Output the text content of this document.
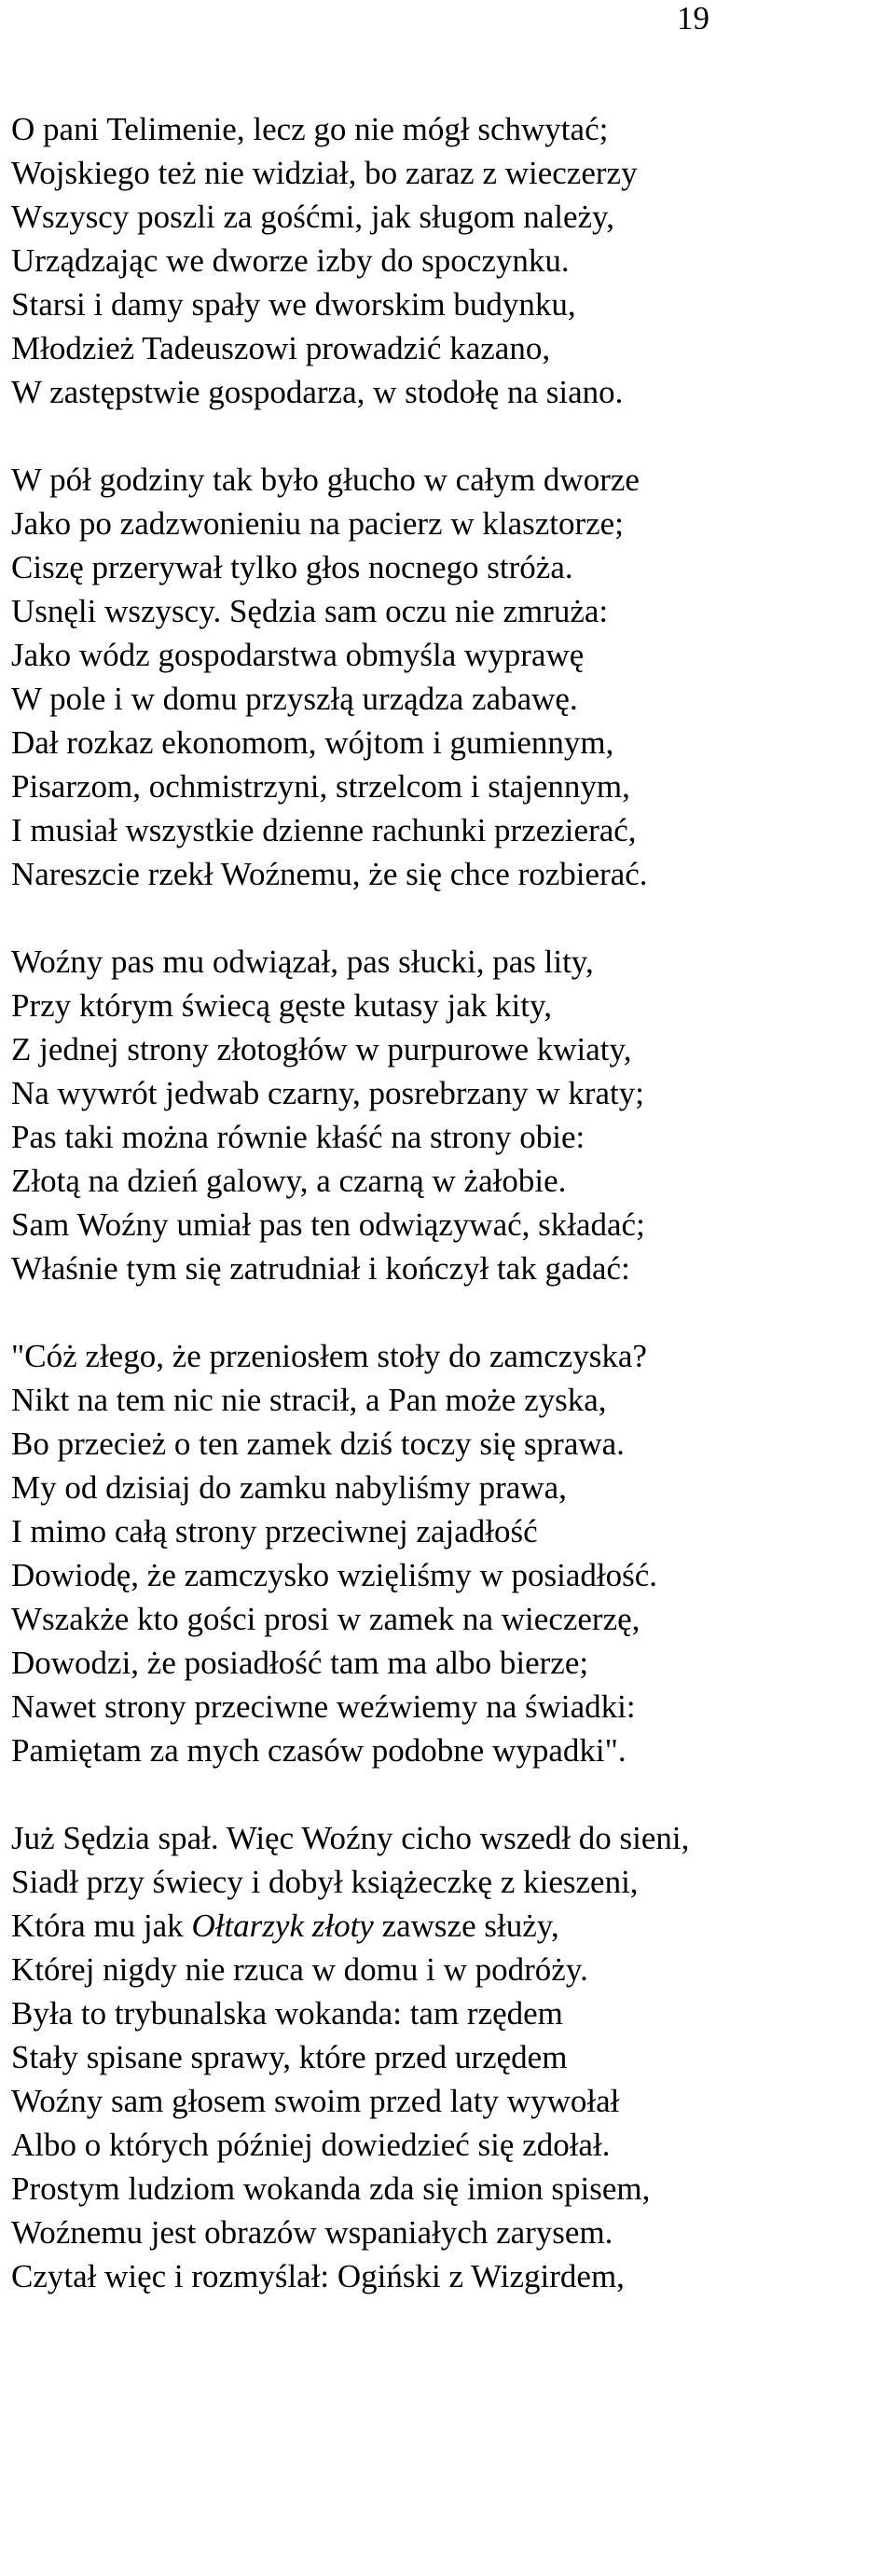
19
O pani Telimenie, lecz go nie mógł schwytać;
Wojskiego też nie widział, bo zaraz z wieczerzy
Wszyscy poszli za gośćmi, jak sługom należy,
Urządzając we dworze izby do spoczynku.
Starsi i damy spały we dworskim budynku,
Młodzież Tadeuszowi prowadzić kazano,
W zastępstwie gospodarza, w stodołę na siano.
W pół godziny tak było głucho w całym dworze
Jako po zadzwonieniu na pacierz w klasztorze;
Ciszę przerywał tylko głos nocnego stróża.
Usnęli wszyscy. Sędzia sam oczu nie zmruża:
Jako wódz gospodarstwa obmyśla wyprawę
W pole i w domu przyszłą urządza zabawę.
Dał rozkaz ekonomom, wójtom i gumiennym,
Pisarzom, ochmistrzyni, strzelcom i stajennym,
I musiał wszystkie dzienne rachunki przezierać,
Nareszcie rzekł Woźnemu, że się chce rozbierać.
Woźny pas mu odwiązał, pas słucki, pas lity,
Przy którym świecą gęste kutasy jak kity,
Z jednej strony złotogłów w purpurowe kwiaty,
Na wywrót jedwab czarny, posrebrzany w kraty;
Pas taki można równie kłaść na strony obie:
Złotą na dzień galowy, a czarną w żałobie.
Sam Woźny umiał pas ten odwiązywać, składać;
Właśnie tym się zatrudniał i kończył tak gadać:
"Cóż złego, że przeniosłem stoły do zamczyska?
Nikt na tem nic nie stracił, a Pan może zyska,
Bo przecież o ten zamek dziś toczy się sprawa.
My od dzisiaj do zamku nabyliśmy prawa,
I mimo całą strony przeciwnej zajadłość
Dowiodę, że zamczysko wzięliśmy w posiadłość.
Wszakże kto gości prosi w zamek na wieczerzę,
Dowodzi, że posiadłość tam ma albo bierze;
Nawet strony przeciwne weźwiemy na świadki:
Pamiętam za mych czasów podobne wypadki".
Już Sędzia spał. Więc Woźny cicho wszedł do sieni,
Siadł przy świecy i dobył książeczkę z kieszeni,
Która mu jak Ołtarzyk złoty zawsze służy,
Której nigdy nie rzuca w domu i w podróży.
Była to trybunalska wokanda: tam rzędem
Stały spisane sprawy, które przed urzędem
Woźny sam głosem swoim przed laty wywołał
Albo o których później dowiedzieć się zdołał.
Prostym ludziom wokanda zda się imion spisem,
Woźnemu jest obrazów wspaniałych zarysem.
Czytał więc i rozmyślał: Ogiński z Wizgirdem,
